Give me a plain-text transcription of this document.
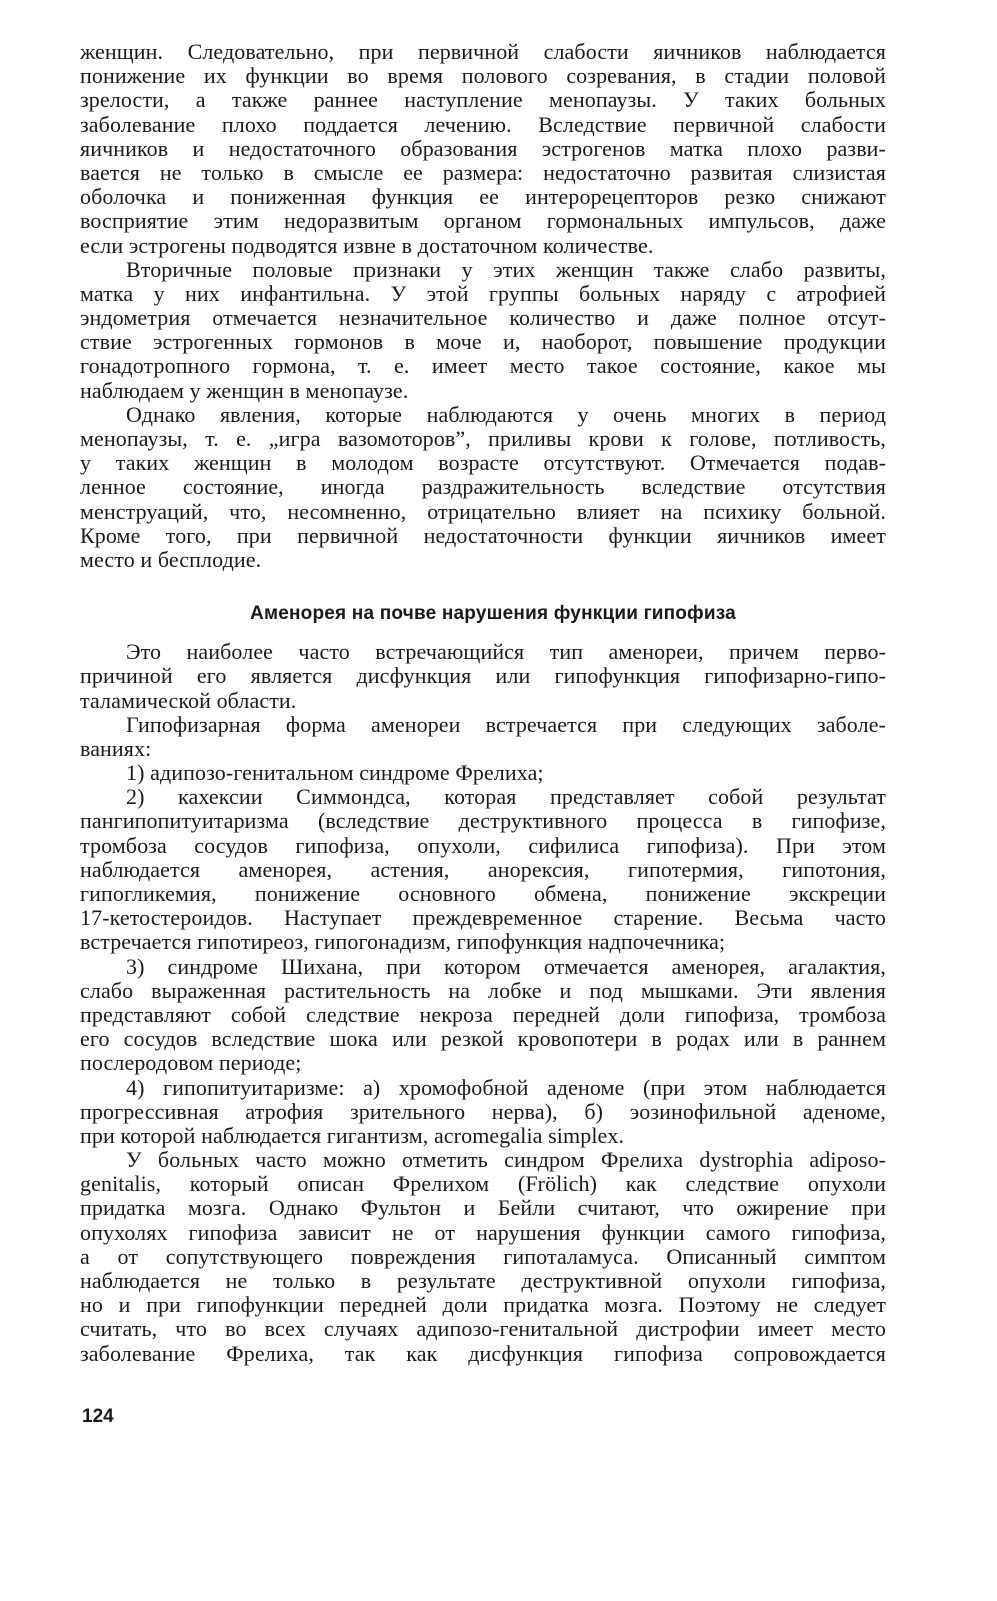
женщин. Следовательно, при первичной слабости яичников наблюдается
понижение их функции во время полового созревания, в стадии половой
зрелости, а также раннее наступление менопаузы. У таких больных
заболевание плохо поддается лечению. Вследствие первичной слабости
яичников и недостаточного образования эстрогенов матка плохо разви-
вается не только в смысле ее размера: недостаточно развитая слизистая
оболочка и пониженная функция ее интерорецепторов резко снижают
восприятие этим недоразвитым органом гормональных импульсов, даже
если эстрогены подводятся извне в достаточном количестве.
Вторичные половые признаки у этих женщин также слабо развиты,
матка у них инфантильна. У этой группы больных наряду с атрофией
эндометрия отмечается незначительное количество и даже полное отсут-
ствие эстрогенных гормонов в моче и, наоборот, повышение продукции
гонадотропного гормона, т. е. имеет место такое состояние, какое мы
наблюдаем у женщин в менопаузе.
Однако явления, которые наблюдаются у очень многих в период
менопаузы, т. е. „игра вазомоторов”, приливы крови к голове, потливость,
у таких женщин в молодом возрасте отсутствуют. Отмечается подав-
ленное состояние, иногда раздражительность вследствие отсутствия
менструаций, что, несомненно, отрицательно влияет на психику больной.
Кроме того, при первичной недостаточности функции яичников имеет
место и бесплодие.
Аменорея на почве нарушения функции гипофиза
Это наиболее часто встречающийся тип аменореи, причем перво-
причиной его является дисфункция или гипофункция гипофизарно-гипо-
таламической области.
Гипофизарная форма аменореи встречается при следующих заболе-
ваниях:
1) адипозо-генитальном синдроме Фрелиха;
2) кахексии Симмондса, которая представляет собой результат
пангипопитуитаризма (вследствие деструктивного процесса в гипофизе,
тромбоза сосудов гипофиза, опухоли, сифилиса гипофиза). При этом
наблюдается аменорея, астения, анорексия, гипотермия, гипотония,
гипогликемия, понижение основного обмена, понижение экскреции
17-кетостероидов. Наступает преждевременное старение. Весьма часто
встречается гипотиреоз, гипогонадизм, гипофункция надпочечника;
3) синдроме Шихана, при котором отмечается аменорея, агалактия,
слабо выраженная растительность на лобке и под мышками. Эти явления
представляют собой следствие некроза передней доли гипофиза, тромбоза
его сосудов вследствие шока или резкой кровопотери в родах или в раннем
послеродовом периоде;
4) гипопитуитаризме: а) хромофобной аденоме (при этом наблюдается
прогрессивная атрофия зрительного нерва), б) эозинофильной аденоме,
при которой наблюдается гигантизм, acromegalia simplex.
У больных часто можно отметить синдром Фрелиха dystrophia adiposo-
genitalis, который описан Фрелихом (Frölich) как следствие опухоли
придатка мозга. Однако Фультон и Бейли считают, что ожирение при
опухолях гипофиза зависит не от нарушения функции самого гипофиза,
а от сопутствующего повреждения гипоталамуса. Описанный симптом
наблюдается не только в результате деструктивной опухоли гипофиза,
но и при гипофункции передней доли придатка мозга. Поэтому не следует
считать, что во всех случаях адипозо-генитальной дистрофии имеет место
заболевание Фрелиха, так как дисфункция гипофиза сопровождается
124
